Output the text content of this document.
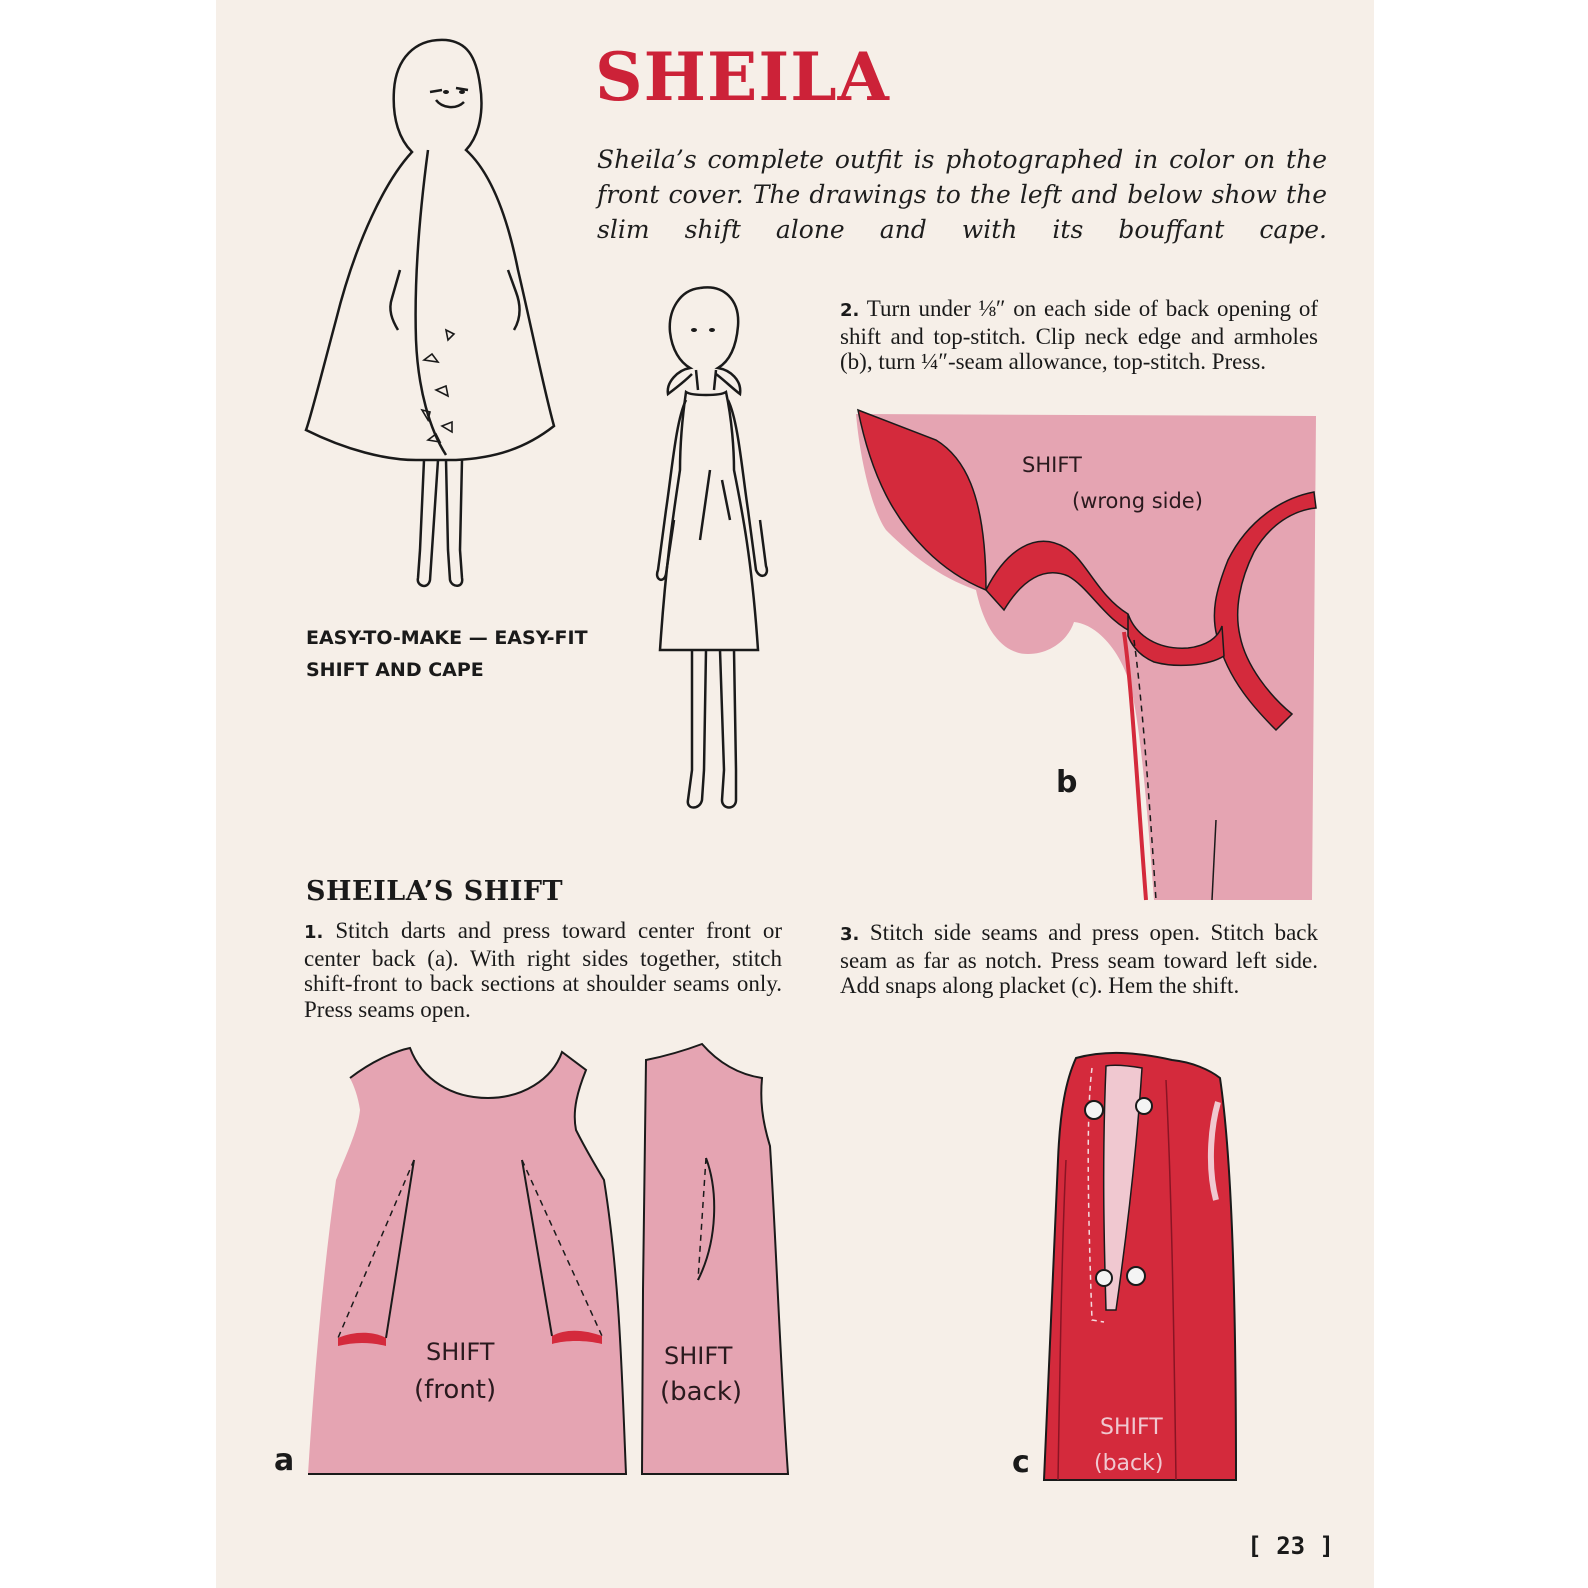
SHEILA

Sheila’s complete outfit is photographed in color on the front cover. The drawings to the left and below show the slim shift alone and with its bouffant cape.

EASY-TO-MAKE — EASY-FIT

SHIFT AND CAPE

2. Turn under ⅛″ on each side of back opening of shift and top-stitch. Clip neck edge and armholes (b), turn ¼″-seam allowance, top-stitch. Press.

SHIFT
(wrong side)
b
SHEILA’S SHIFT

1. Stitch darts and press toward center front or center back (a). With right sides together, stitch shift-front to back sections at shoulder seams only. Press seams open.

3. Stitch side seams and press open. Stitch back seam as far as notch. Press seam toward left side. Add snaps along placket (c). Hem the shift.

SHIFT
(front)
SHIFT
(back)
a
SHIFT
(back)
c
[ 23 ]
